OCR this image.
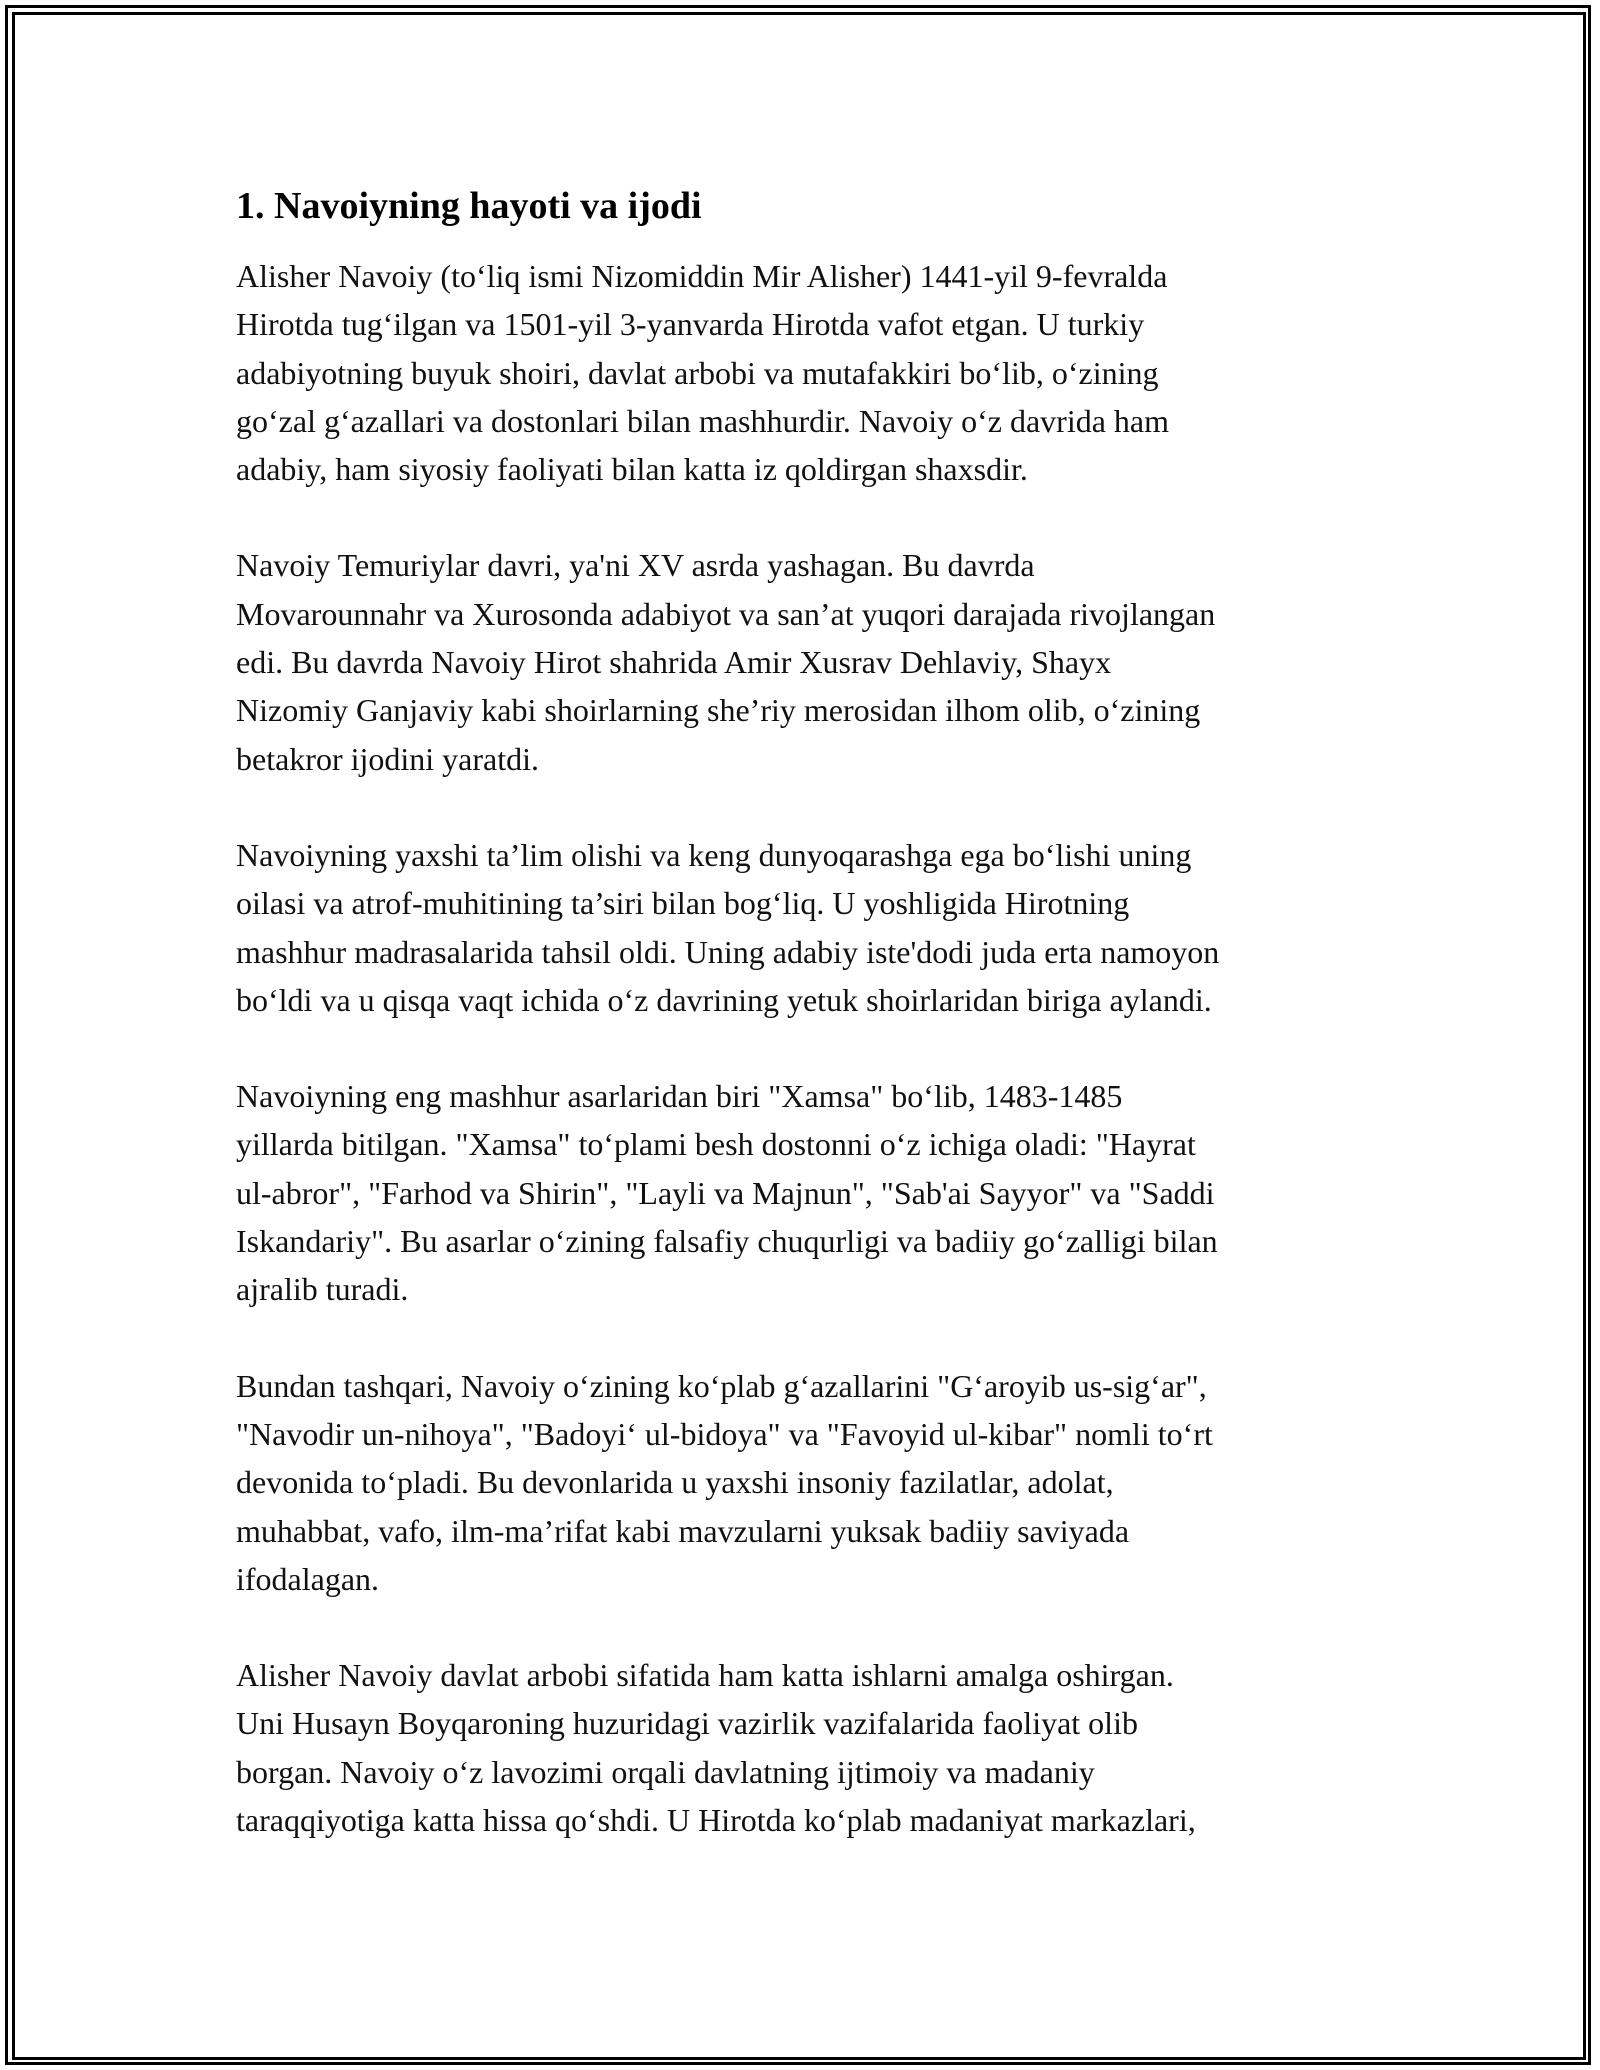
1. Navoiyning hayoti va ijodi

Alisher Navoiy (to‘liq ismi Nizomiddin Mir Alisher) 1441-yil 9-fevralda
Hirotda tug‘ilgan va 1501-yil 3-yanvarda Hirotda vafot etgan. U turkiy
adabiyotning buyuk shoiri, davlat arbobi va mutafakkiri bo‘lib, o‘zining
go‘zal g‘azallari va dostonlari bilan mashhurdir. Navoiy o‘z davrida ham
adabiy, ham siyosiy faoliyati bilan katta iz qoldirgan shaxsdir.

Navoiy Temuriylar davri, ya'ni XV asrda yashagan. Bu davrda
Movarounnahr va Xurosonda adabiyot va san’at yuqori darajada rivojlangan
edi. Bu davrda Navoiy Hirot shahrida Amir Xusrav Dehlaviy, Shayx
Nizomiy Ganjaviy kabi shoirlarning she’riy merosidan ilhom olib, o‘zining
betakror ijodini yaratdi.

Navoiyning yaxshi ta’lim olishi va keng dunyoqarashga ega bo‘lishi uning
oilasi va atrof-muhitining ta’siri bilan bog‘liq. U yoshligida Hirotning
mashhur madrasalarida tahsil oldi. Uning adabiy iste'dodi juda erta namoyon
bo‘ldi va u qisqa vaqt ichida o‘z davrining yetuk shoirlaridan biriga aylandi.

Navoiyning eng mashhur asarlaridan biri "Xamsa" bo‘lib, 1483-1485
yillarda bitilgan. "Xamsa" to‘plami besh dostonni o‘z ichiga oladi: "Hayrat
ul-abror", "Farhod va Shirin", "Layli va Majnun", "Sab'ai Sayyor" va "Saddi
Iskandariy". Bu asarlar o‘zining falsafiy chuqurligi va badiiy go‘zalligi bilan
ajralib turadi.

Bundan tashqari, Navoiy o‘zining ko‘plab g‘azallarini "G‘aroyib us-sig‘ar",
"Navodir un-nihoya", "Badoyi‘ ul-bidoya" va "Favoyid ul-kibar" nomli to‘rt
devonida to‘pladi. Bu devonlarida u yaxshi insoniy fazilatlar, adolat,
muhabbat, vafo, ilm-ma’rifat kabi mavzularni yuksak badiiy saviyada
ifodalagan.

Alisher Navoiy davlat arbobi sifatida ham katta ishlarni amalga oshirgan.
Uni Husayn Boyqaroning huzuridagi vazirlik vazifalarida faoliyat olib
borgan. Navoiy o‘z lavozimi orqali davlatning ijtimoiy va madaniy
taraqqiyotiga katta hissa qo‘shdi. U Hirotda ko‘plab madaniyat markazlari,
